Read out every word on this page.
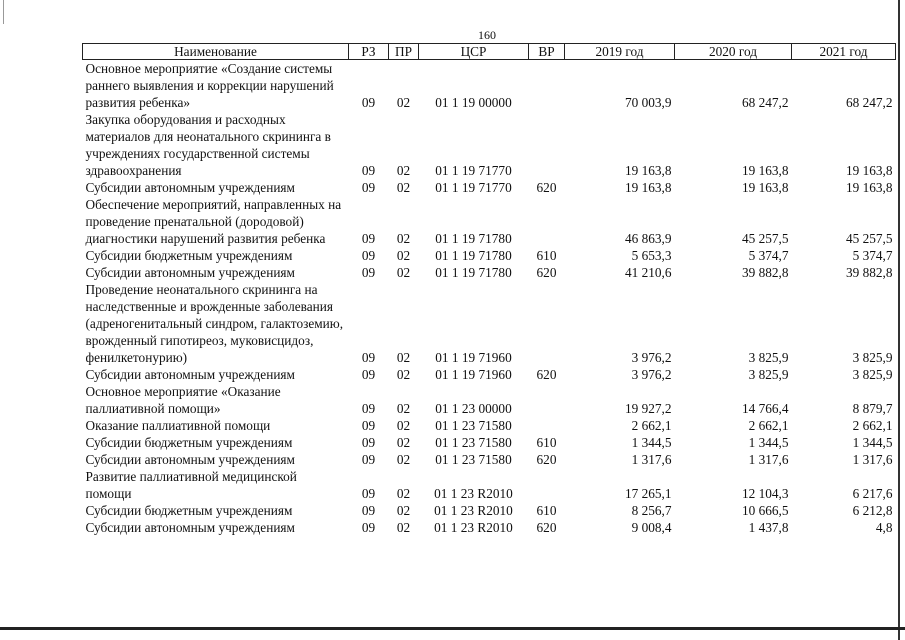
160
Наименование	РЗ	ПР	ЦСР	ВР	2019 год	2020 год	2021 год
Основное мероприятие «Создание системы раннего выявления и коррекции нарушений развития ребенка»	09	02	01 1 19 00000		70 003,9	68 247,2	68 247,2
Закупка оборудования и расходных материалов для неонатального скрининга в учреждениях государственной системы здравоохранения	09	02	01 1 19 71770		19 163,8	19 163,8	19 163,8
Субсидии автономным учреждениям	09	02	01 1 19 71770	620	19 163,8	19 163,8	19 163,8
Обеспечение мероприятий, направленных на проведение пренатальной (дородовой) диагностики нарушений развития ребенка	09	02	01 1 19 71780		46 863,9	45 257,5	45 257,5
Субсидии бюджетным учреждениям	09	02	01 1 19 71780	610	5 653,3	5 374,7	5 374,7
Субсидии автономным учреждениям	09	02	01 1 19 71780	620	41 210,6	39 882,8	39 882,8
Проведение неонатального скрининга на наследственные и врожденные заболевания (адреногенитальный синдром, галактоземию, врожденный гипотиреоз, муковисцидоз, фенилкетонурию)	09	02	01 1 19 71960		3 976,2	3 825,9	3 825,9
Субсидии автономным учреждениям	09	02	01 1 19 71960	620	3 976,2	3 825,9	3 825,9
Основное мероприятие «Оказание паллиативной помощи»	09	02	01 1 23 00000		19 927,2	14 766,4	8 879,7
Оказание паллиативной помощи	09	02	01 1 23 71580		2 662,1	2 662,1	2 662,1
Субсидии бюджетным учреждениям	09	02	01 1 23 71580	610	1 344,5	1 344,5	1 344,5
Субсидии автономным учреждениям	09	02	01 1 23 71580	620	1 317,6	1 317,6	1 317,6
Развитие паллиативной медицинской помощи	09	02	01 1 23 R2010		17 265,1	12 104,3	6 217,6
Субсидии бюджетным учреждениям	09	02	01 1 23 R2010	610	8 256,7	10 666,5	6 212,8
Субсидии автономным учреждениям	09	02	01 1 23 R2010	620	9 008,4	1 437,8	4,8
